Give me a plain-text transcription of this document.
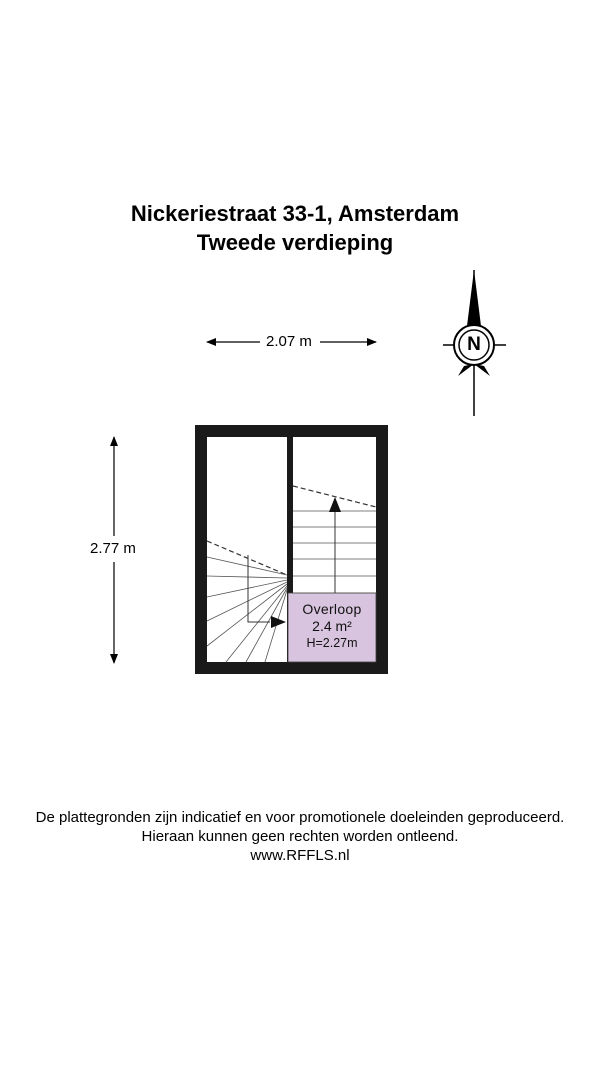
Nickeriestraat 33-1, Amsterdam
Tweede verdieping
2.07 m
2.77 m
N
Overloop
2.4 m²
H=2.27m
De plattegronden zijn indicatief en voor promotionele doeleinden geproduceerd.
Hieraan kunnen geen rechten worden ontleend.
www.RFFLS.nl
